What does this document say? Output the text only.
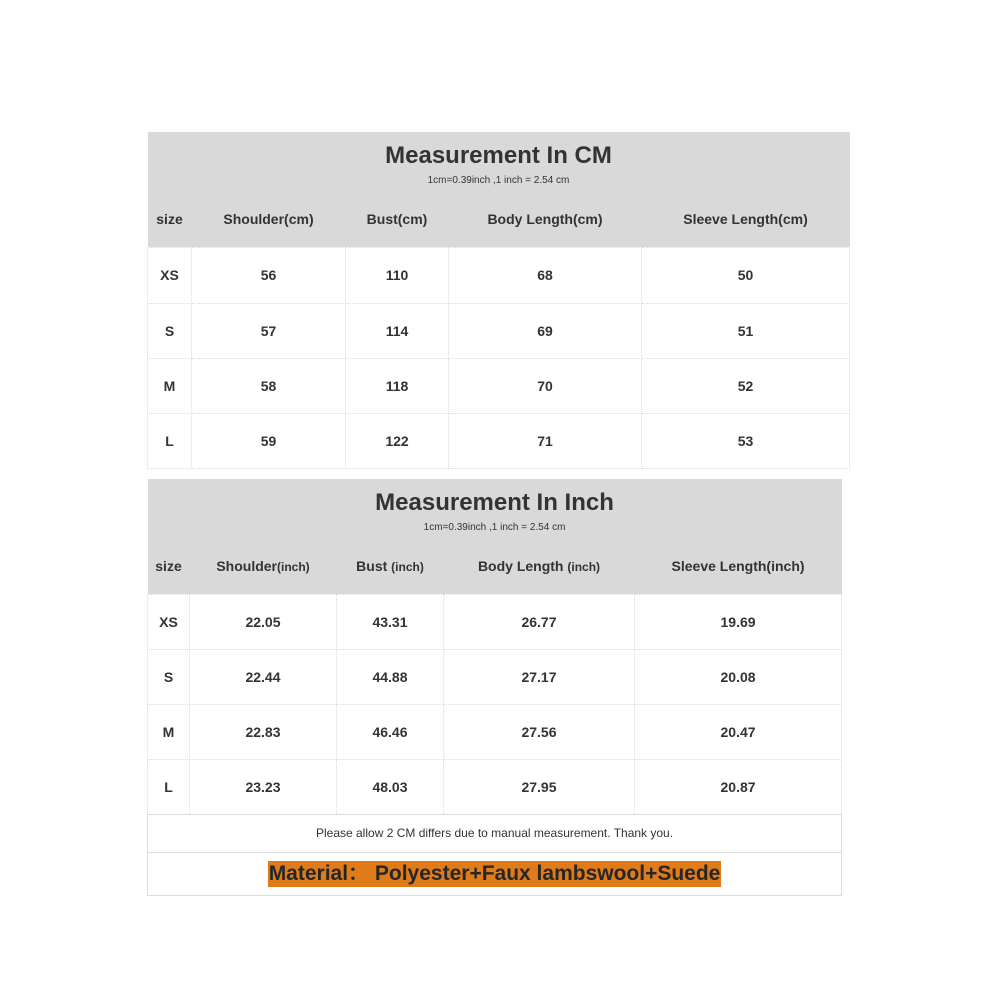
Measurement In CM
1cm=0.39inch ,1 inch = 2.54 cm				

size	Shoulder(cm)	Bust(cm)	Body Length(cm)	Sleeve Length(cm)
XS	56	110	68	50
S	57	114	69	51
M	58	118	70	52
L	59	122	71	53
Measurement In Inch
1cm=0.39inch ,1 inch = 2.54 cm				

size	Shoulder(inch)	Bust (inch)	Body Length (inch)	Sleeve Length(inch)
XS	22.05	43.31	26.77	19.69
S	22.44	44.88	27.17	20.08
M	22.83	46.46	27.56	20.47
L	23.23	48.03	27.95	20.87
Please allow 2 CM differs due to manual measurement. Thank you.				
Material： Polyester+Faux lambswool+Suede				
